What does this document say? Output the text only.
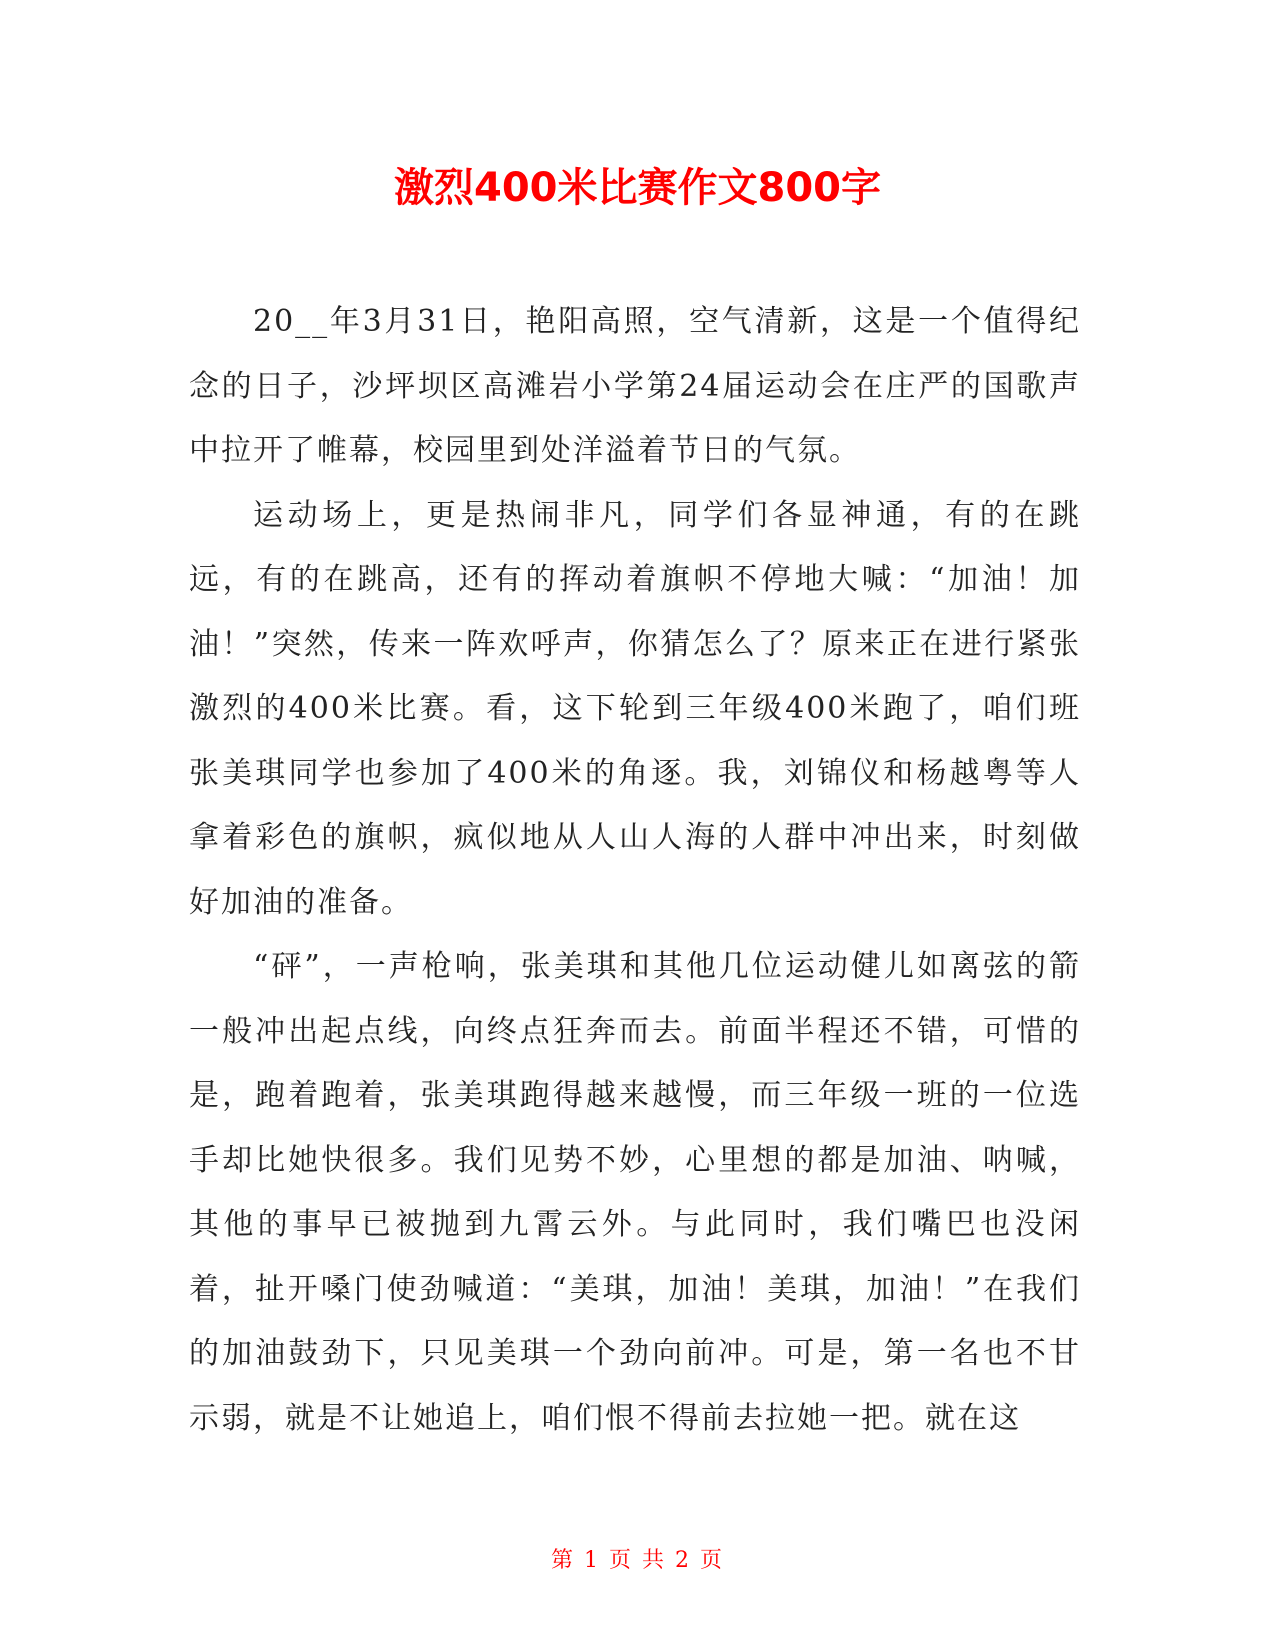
激烈400米比赛作文800字

20__年3月31日，艳阳高照，空气清新，这是一个值得纪念的日子，沙坪坝区高滩岩小学第24届运动会在庄严的国歌声中拉开了帷幕，校园里到处洋溢着节日的气氛。

运动场上，更是热闹非凡，同学们各显神通，有的在跳远，有的在跳高，还有的挥动着旗帜不停地大喊：“加油！加油！”突然，传来一阵欢呼声，你猜怎么了？原来正在进行紧张激烈的400米比赛。看，这下轮到三年级400米跑了，咱们班张美琪同学也参加了400米的角逐。我，刘锦仪和杨越粤等人拿着彩色的旗帜，疯似地从人山人海的人群中冲出来，时刻做好加油的准备。

“砰”，一声枪响，张美琪和其他几位运动健儿如离弦的箭一般冲出起点线，向终点狂奔而去。前面半程还不错，可惜的是，跑着跑着，张美琪跑得越来越慢，而三年级一班的一位选手却比她快很多。我们见势不妙，心里想的都是加油、呐喊，其他的事早已被抛到九霄云外。与此同时，我们嘴巴也没闲着，扯开嗓门使劲喊道：“美琪，加油！美琪，加油！”在我们的加油鼓劲下，只见美琪一个劲向前冲。可是，第一名也不甘示弱，就是不让她追上，咱们恨不得前去拉她一把。就在这

第 1 页 共 2 页
